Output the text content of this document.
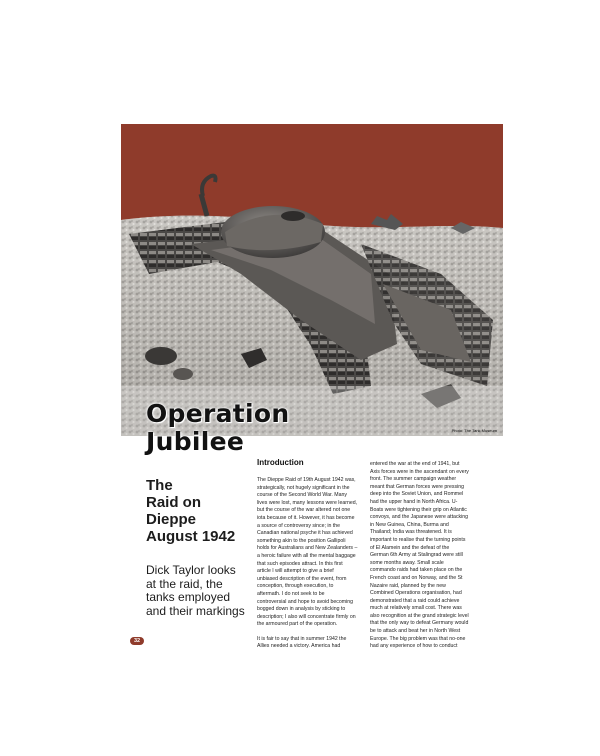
Operation
Jubilee	Photo: The Tank Museum
The
Raid on
Dieppe
August 1942
Dick Taylor looks
at the raid, the
tanks employed
and their markings
32
Introduction

The Dieppe Raid of 19th August 1942 was,
strategically, not hugely significant in the
course of the Second World War. Many
lives were lost, many lessons were learned,
but the course of the war altered not one
iota because of it. However, it has become
a source of controversy since; in the
Canadian national psyche it has achieved
something akin to the position Gallipoli
holds for Australians and New Zealanders –
a heroic failure with all the mental baggage
that such episodes attract. In this first
article I will attempt to give a brief
unbiased description of the event, from
conception, through execution, to
aftermath. I do not seek to be
controversial and hope to avoid becoming
bogged down in analysis by sticking to
description; I also will concentrate firmly on
the armoured part of the operation.

It is fair to say that in summer 1942 the
Allies needed a victory. America had

entered the war at the end of 1941, but
Axis forces were in the ascendant on every
front. The summer campaign weather
meant that German forces were pressing
deep into the Soviet Union, and Rommel
had the upper hand in North Africa. U-
Boats were tightening their grip on Atlantic
convoys, and the Japanese were attacking
in New Guinea, China, Burma and
Thailand; India was threatened. It is
important to realise that the turning points
of El Alamein and the defeat of the
German 6th Army at Stalingrad were still
some months away. Small scale
commando raids had taken place on the
French coast and on Norway, and the St
Nazaire raid, planned by the new
Combined Operations organisation, had
demonstrated that a raid could achieve
much at relatively small cost. There was
also recognition at the grand strategic level
that the only way to defeat Germany would
be to attack and beat her in North West
Europe. The big problem was that no-one
had any experience of how to conduct
